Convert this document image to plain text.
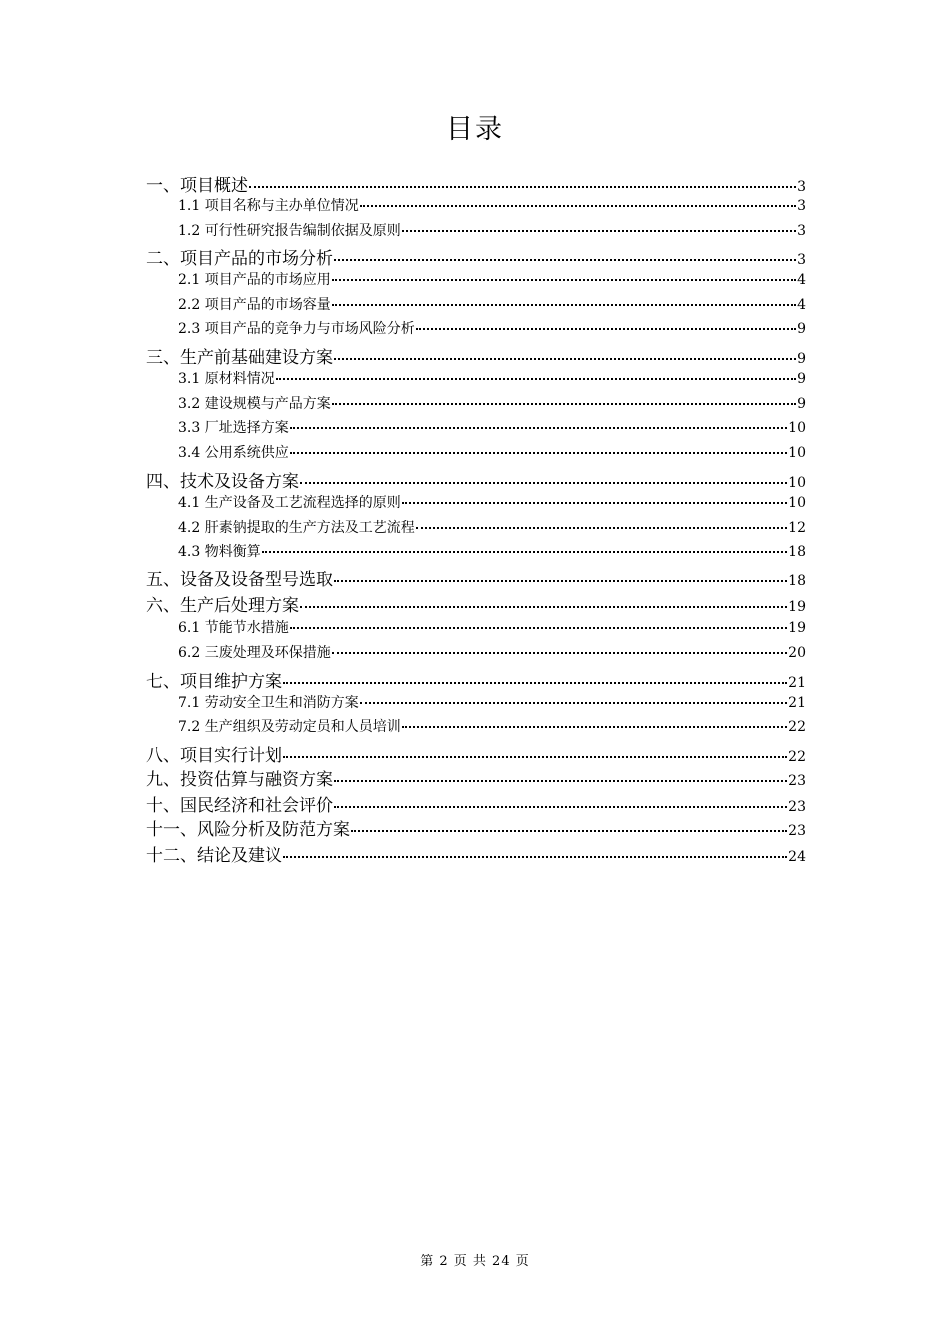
目录
一、项目概述	3
1.1 项目名称与主办单位情况	3
1.2 可行性研究报告编制依据及原则	3
二、项目产品的市场分析	3
2.1 项目产品的市场应用	4
2.2 项目产品的市场容量	4
2.3 项目产品的竞争力与市场风险分析	9
三、生产前基础建设方案	9
3.1 原材料情况	9
3.2 建设规模与产品方案	9
3.3 厂址选择方案	10
3.4 公用系统供应	10
四、技术及设备方案	10
4.1 生产设备及工艺流程选择的原则	10
4.2 肝素钠提取的生产方法及工艺流程	12
4.3 物料衡算	18
五、设备及设备型号选取	18
六、生产后处理方案	19
6.1 节能节水措施	19
6.2 三废处理及环保措施	20
七、项目维护方案	21
7.1 劳动安全卫生和消防方案	21
7.2 生产组织及劳动定员和人员培训	22
八、项目实行计划	22
九、投资估算与融资方案	23
十、国民经济和社会评价	23
十一、风险分析及防范方案	23
十二、结论及建议	24
第 2 页 共 24 页
